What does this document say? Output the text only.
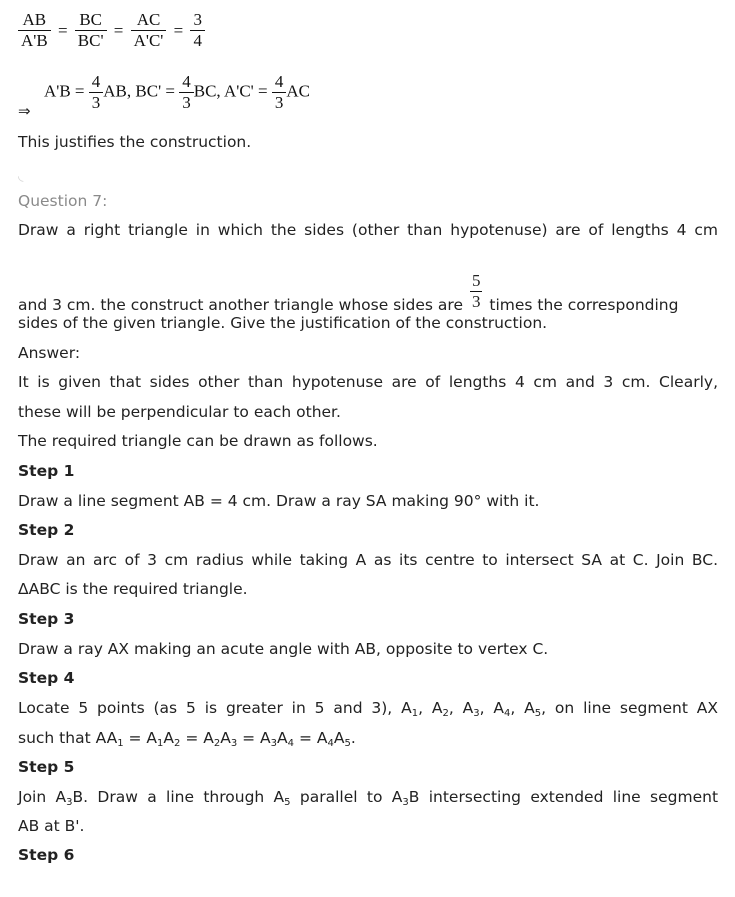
$\frac{AB}{A'B} = \frac{BC}{BC'} = \frac{AC}{A'C'} = \frac{3}{4}$
⇒
$A'B = \frac{4}{3}$ AB, $BC' = \frac{4}{3}$ BC, $A'C' = \frac{4}{3}$ AC
This justifies the construction.
◟
Question 7:
Draw a right triangle in which the sides (other than hypotenuse) are of lengths 4 cm
and 3 cm. the construct another triangle whose sides are $\frac{5}{3}$ times the corresponding
sides of the given triangle. Give the justification of the construction.
Answer:
It is given that sides other than hypotenuse are of lengths 4 cm and 3 cm. Clearly,
these will be perpendicular to each other.
The required triangle can be drawn as follows.
Step 1
Draw a line segment AB = 4 cm. Draw a ray SA making 90° with it.
Step 2
Draw an arc of 3 cm radius while taking A as its centre to intersect SA at C. Join BC.
ΔABC is the required triangle.
Step 3
Draw a ray AX making an acute angle with AB, opposite to vertex C.
Step 4
Locate 5 points (as 5 is greater in 5 and 3), $A_1$, $A_2$, $A_3$, $A_4$, $A_5$, on line segment AX
such that $AA_1 = A_1A_2 = A_2A_3 = A_3A_4 = A_4A_5$.
Step 5
Join $A_3B$. Draw a line through $A_5$ parallel to $A_3B$ intersecting extended line segment
AB at B'.
Step 6
